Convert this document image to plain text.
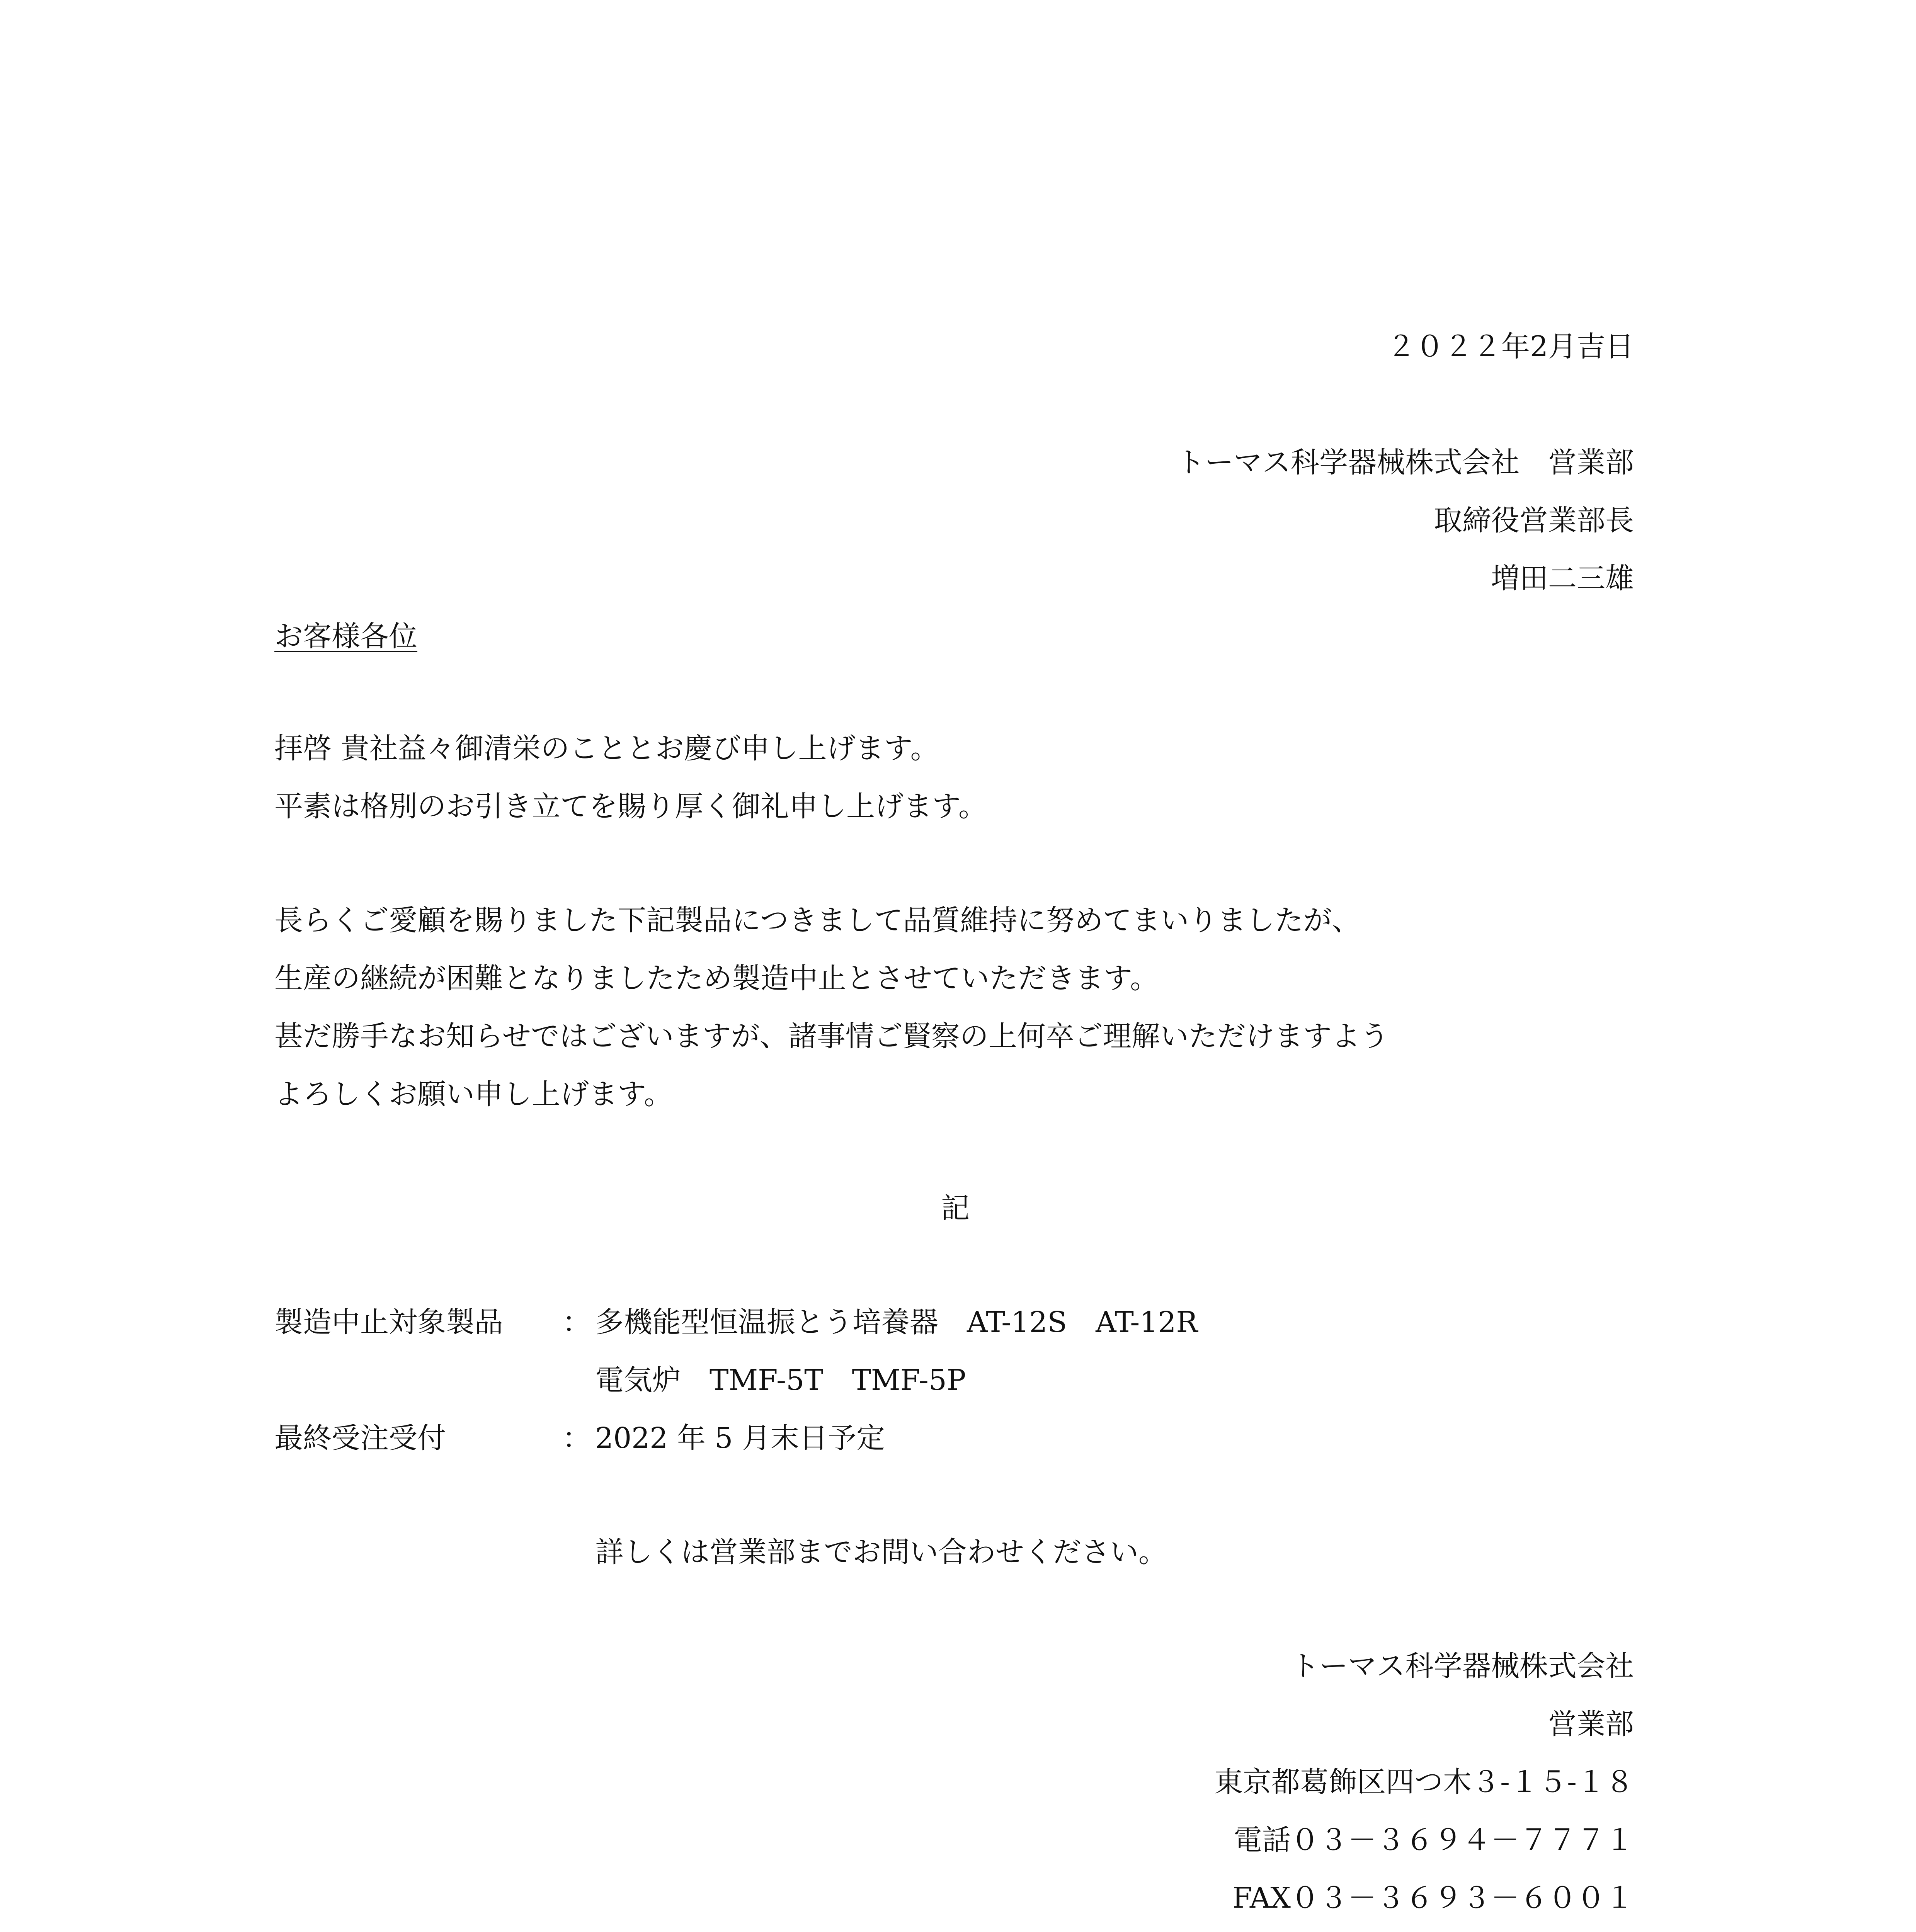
２０２２年2月吉日
トーマス科学器械株式会社　営業部
取締役営業部長
増田二三雄
お客様各位
拝啓 貴社益々御清栄のこととお慶び申し上げます。
平素は格別のお引き立てを賜り厚く御礼申し上げます。
長らくご愛顧を賜りました下記製品につきまして品質維持に努めてまいりましたが、
生産の継続が困難となりましたため製造中止とさせていただきます。
甚だ勝手なお知らせではございますが、諸事情ご賢察の上何卒ご理解いただけますよう
よろしくお願い申し上げます。
記
製造中止対象製品 ： 多機能型恒温振とう培養器　AT-12S　AT-12R
電気炉　TMF-5T　TMF-5P
最終受注受付	： 2022 年 5 月末日予定
詳しくは営業部までお問い合わせください。
トーマス科学器械株式会社
営業部
東京都葛飾区四つ木３‐１５‐１８
電話０３－３６９４－７７７１
FAX０３－３６９３－６００１
